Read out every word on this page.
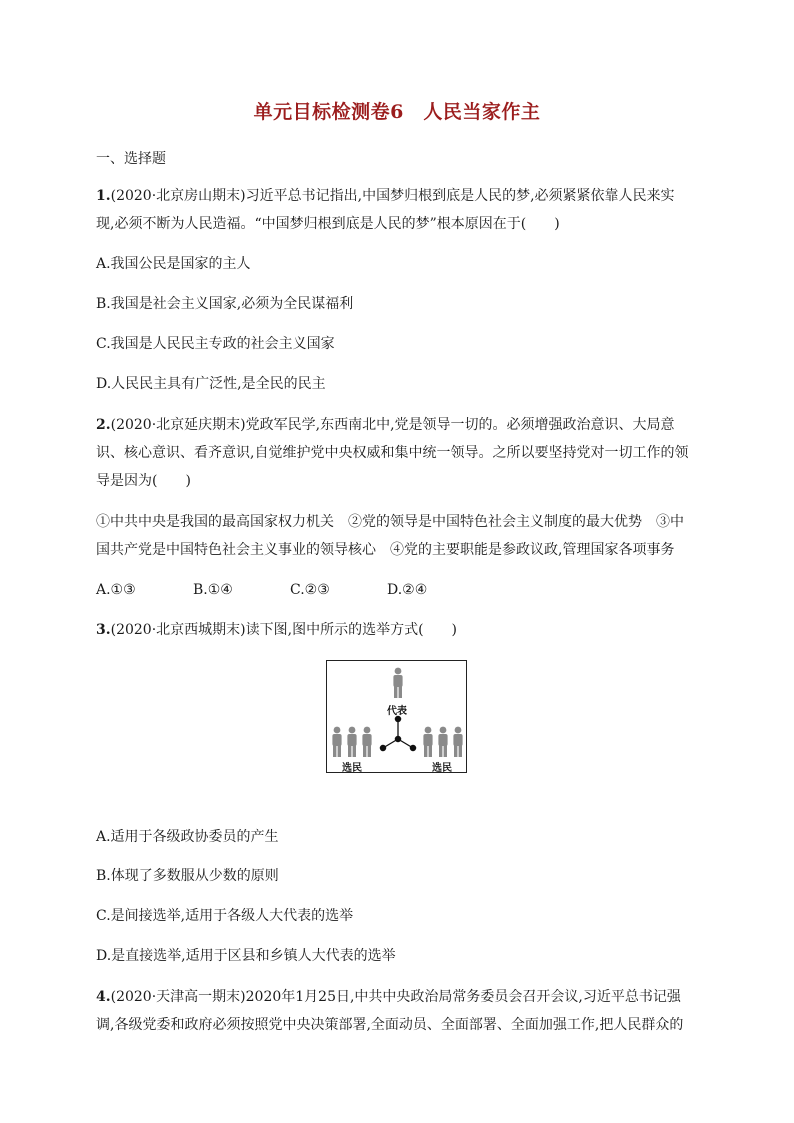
单元目标检测卷6　人民当家作主
一、选择题
1.(2020·北京房山期末)习近平总书记指出,中国梦归根到底是人民的梦,必须紧紧依靠人民来实
现,必须不断为人民造福。“中国梦归根到底是人民的梦”根本原因在于(　　)
A.我国公民是国家的主人
B.我国是社会主义国家,必须为全民谋福利
C.我国是人民民主专政的社会主义国家
D.人民民主具有广泛性,是全民的民主
2.(2020·北京延庆期末)党政军民学,东西南北中,党是领导一切的。必须增强政治意识、大局意
识、核心意识、看齐意识,自觉维护党中央权威和集中统一领导。之所以要坚持党对一切工作的领
导是因为(　　)
①中共中央是我国的最高国家权力机关　②党的领导是中国特色社会主义制度的最大优势　③中
国共产党是中国特色社会主义事业的领导核心　④党的主要职能是参政议政,管理国家各项事务
A.①③	B.①④	C.②③	D.②④
3.(2020·北京西城期末)读下图,图中所示的选举方式(　　)
代表
选民	选民
A.适用于各级政协委员的产生
B.体现了多数服从少数的原则
C.是间接选举,适用于各级人大代表的选举
D.是直接选举,适用于区县和乡镇人大代表的选举
4.(2020·天津高一期末)2020年1月25日,中共中央政治局常务委员会召开会议,习近平总书记强
调,各级党委和政府必须按照党中央决策部署,全面动员、全面部署、全面加强工作,把人民群众的
